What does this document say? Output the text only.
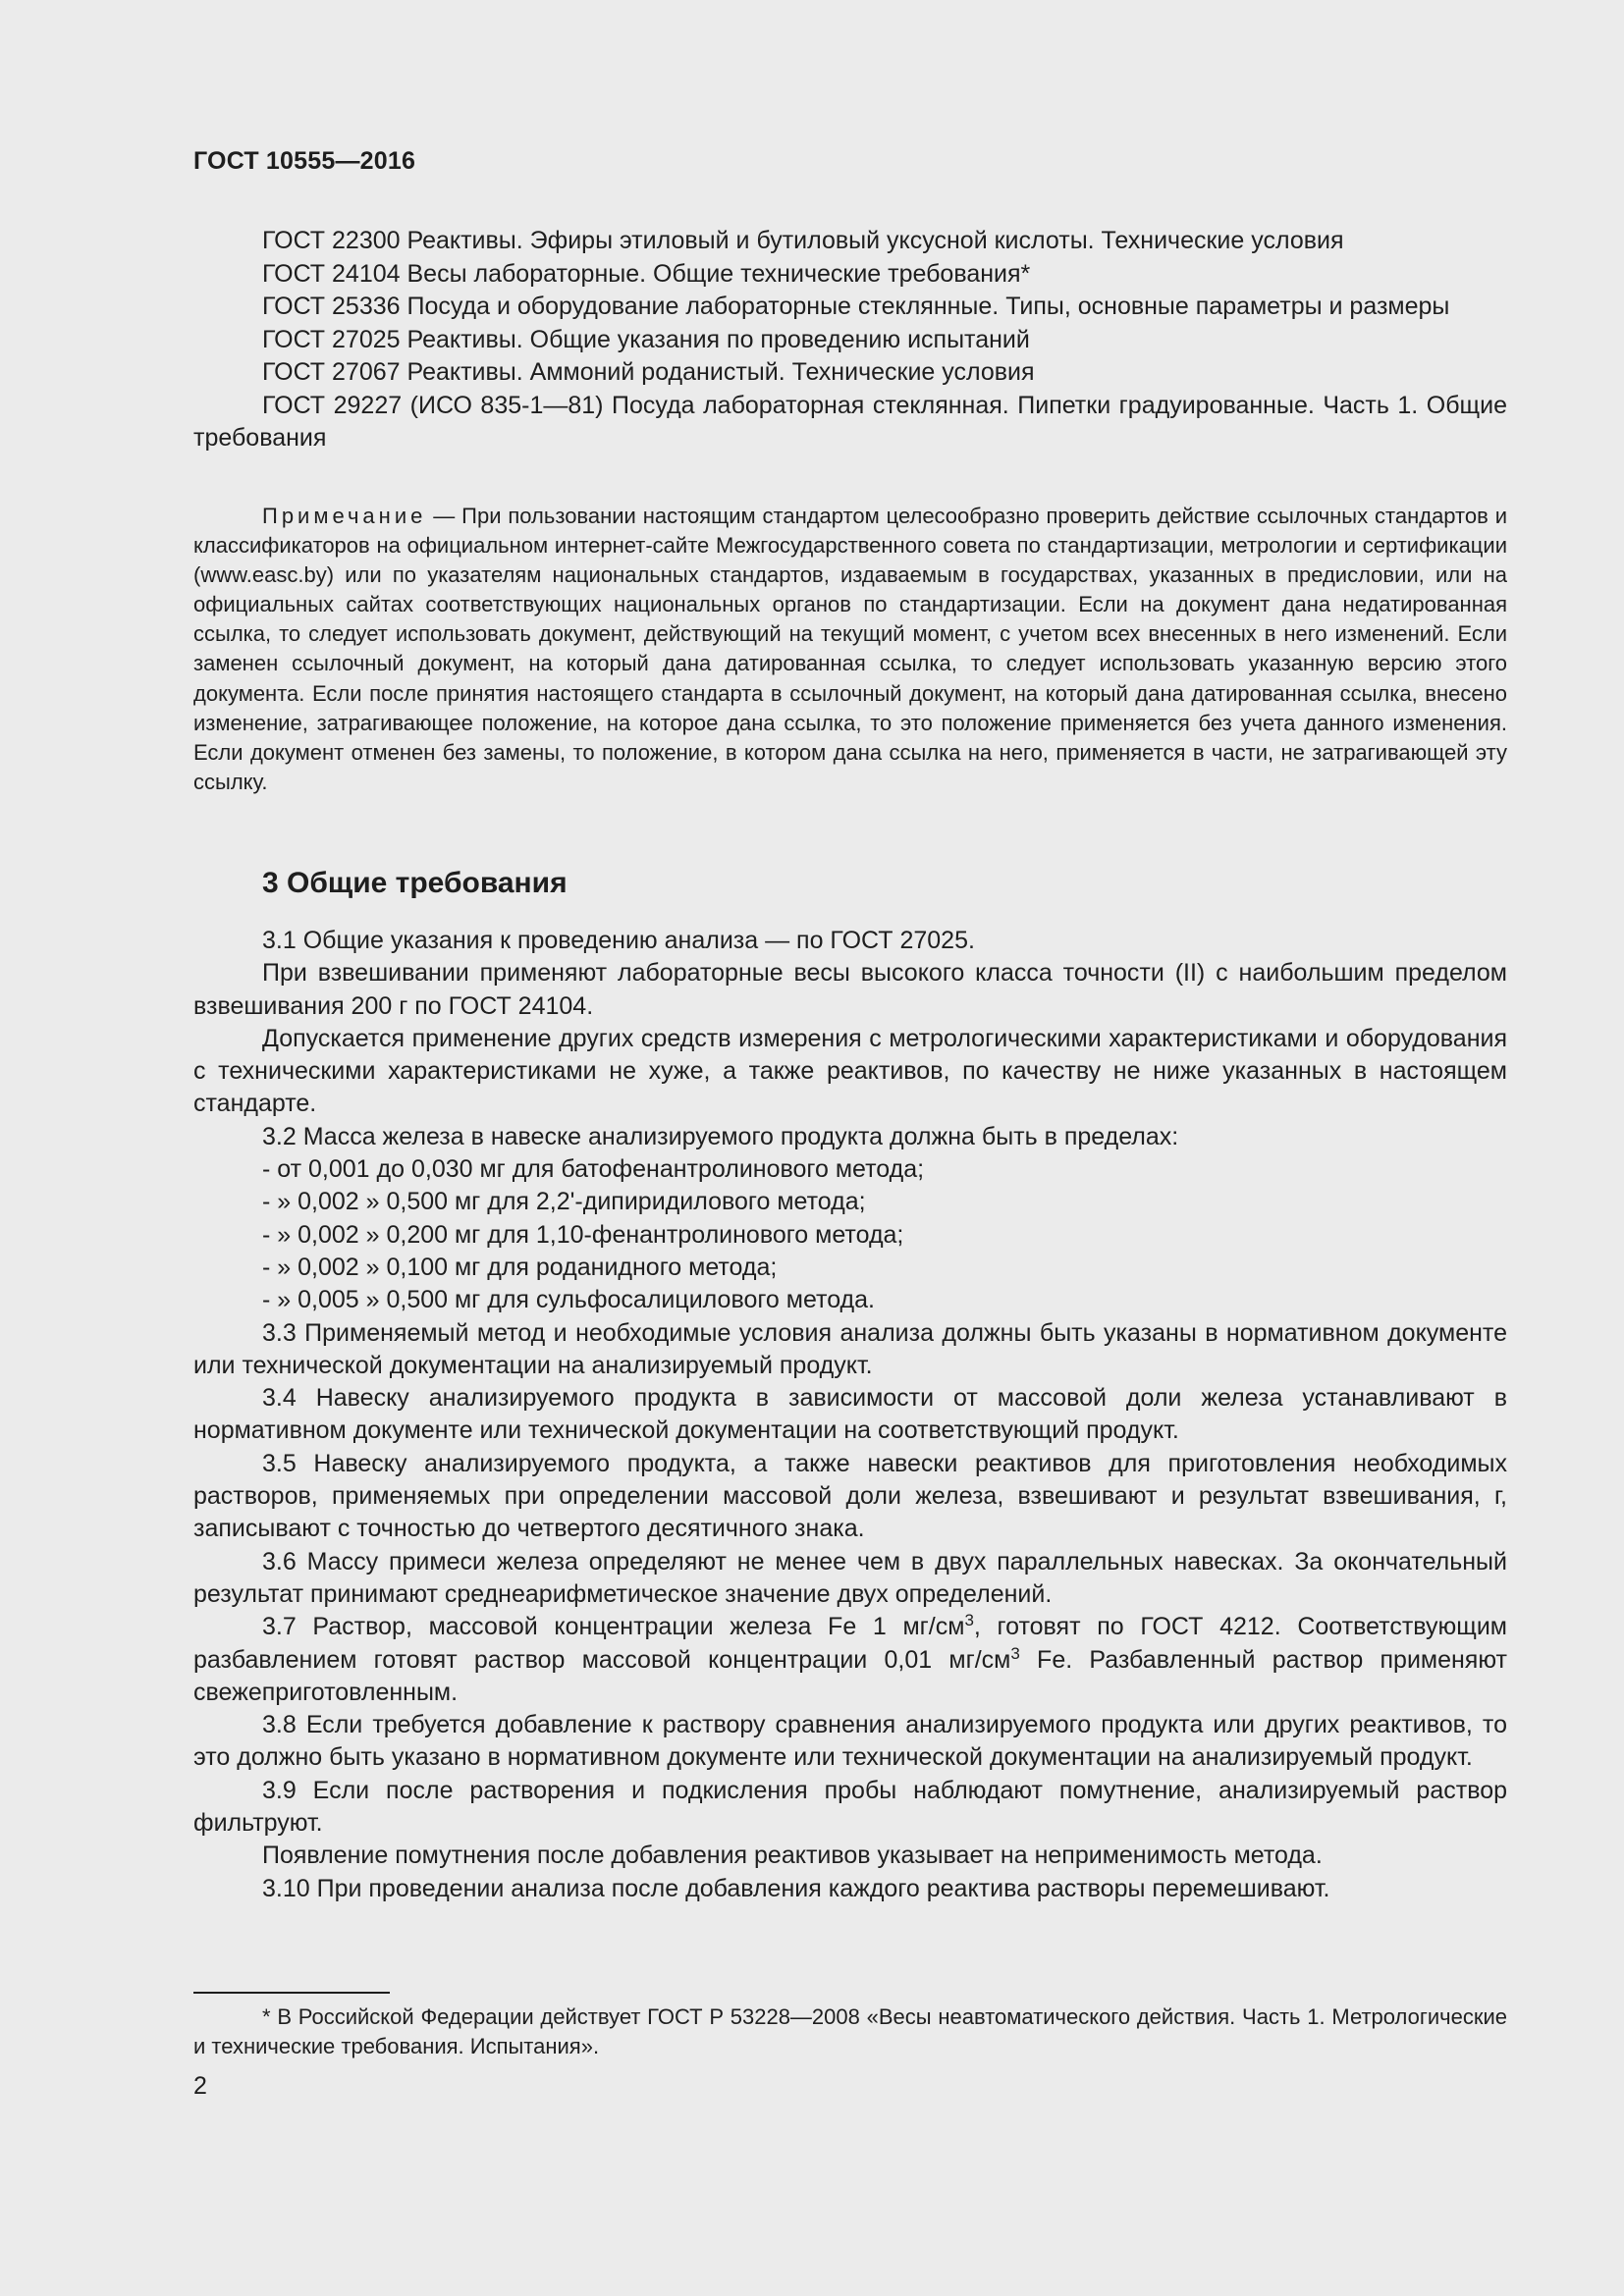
ГОСТ 10555—2016

ГОСТ 22300 Реактивы. Эфиры этиловый и бутиловый уксусной кислоты. Технические условия

ГОСТ 24104 Весы лабораторные. Общие технические требования*

ГОСТ 25336 Посуда и оборудование лабораторные стеклянные. Типы, основные параметры и размеры

ГОСТ 27025 Реактивы. Общие указания по проведению испытаний

ГОСТ 27067 Реактивы. Аммоний роданистый. Технические условия

ГОСТ 29227 (ИСО 835-1—81) Посуда лабораторная стеклянная. Пипетки градуированные. Часть 1. Общие требования

Примечание — При пользовании настоящим стандартом целесообразно проверить действие ссылочных стандартов и классификаторов на официальном интернет-сайте Межгосударственного совета по стандартизации, метрологии и сертификации (www.easc.by) или по указателям национальных стандартов, издаваемым в государствах, указанных в предисловии, или на официальных сайтах соответствующих национальных органов по стандартизации. Если на документ дана недатированная ссылка, то следует использовать документ, действующий на текущий момент, с учетом всех внесенных в него изменений. Если заменен ссылочный документ, на который дана датированная ссылка, то следует использовать указанную версию этого документа. Если после принятия настоящего стандарта в ссылочный документ, на который дана датированная ссылка, внесено изменение, затрагивающее положение, на которое дана ссылка, то это положение применяется без учета данного изменения. Если документ отменен без замены, то положение, в котором дана ссылка на него, применяется в части, не затрагивающей эту ссылку.

3 Общие требования

3.1 Общие указания к проведению анализа — по ГОСТ 27025.

При взвешивании применяют лабораторные весы высокого класса точности (II) с наибольшим пределом взвешивания 200 г по ГОСТ 24104.

Допускается применение других средств измерения с метрологическими характеристиками и оборудования с техническими характеристиками не хуже, а также реактивов, по качеству не ниже указанных в настоящем стандарте.

3.2 Масса железа в навеске анализируемого продукта должна быть в пределах:

- от 0,001 до 0,030 мг для батофенантролинового метода;

- » 0,002 » 0,500 мг для 2,2'-дипиридилового метода;

- » 0,002 » 0,200 мг для 1,10-фенантролинового метода;

- » 0,002 » 0,100 мг для роданидного метода;

- » 0,005 » 0,500 мг для сульфосалицилового метода.

3.3 Применяемый метод и необходимые условия анализа должны быть указаны в нормативном документе или технической документации на анализируемый продукт.

3.4 Навеску анализируемого продукта в зависимости от массовой доли железа устанавливают в нормативном документе или технической документации на соответствующий продукт.

3.5 Навеску анализируемого продукта, а также навески реактивов для приготовления необходимых растворов, применяемых при определении массовой доли железа, взвешивают и результат взвешивания, г, записывают с точностью до четвертого десятичного знака.

3.6 Массу примеси железа определяют не менее чем в двух параллельных навесках. За окончательный результат принимают среднеарифметическое значение двух определений.

3.7 Раствор, массовой концентрации железа Fe 1 $мг/см^3$, готовят по ГОСТ 4212. Соответствующим разбавлением готовят раствор массовой концентрации 0,01 $мг/см^3$ Fe. Разбавленный раствор применяют свежеприготовленным.

3.8 Если требуется добавление к раствору сравнения анализируемого продукта или других реактивов, то это должно быть указано в нормативном документе или технической документации на анализируемый продукт.

3.9 Если после растворения и подкисления пробы наблюдают помутнение, анализируемый раствор фильтруют.

Появление помутнения после добавления реактивов указывает на неприменимость метода.

3.10 При проведении анализа после добавления каждого реактива растворы перемешивают.

* В Российской Федерации действует ГОСТ Р 53228—2008 «Весы неавтоматического действия. Часть 1. Метрологические и технические требования. Испытания».

2
